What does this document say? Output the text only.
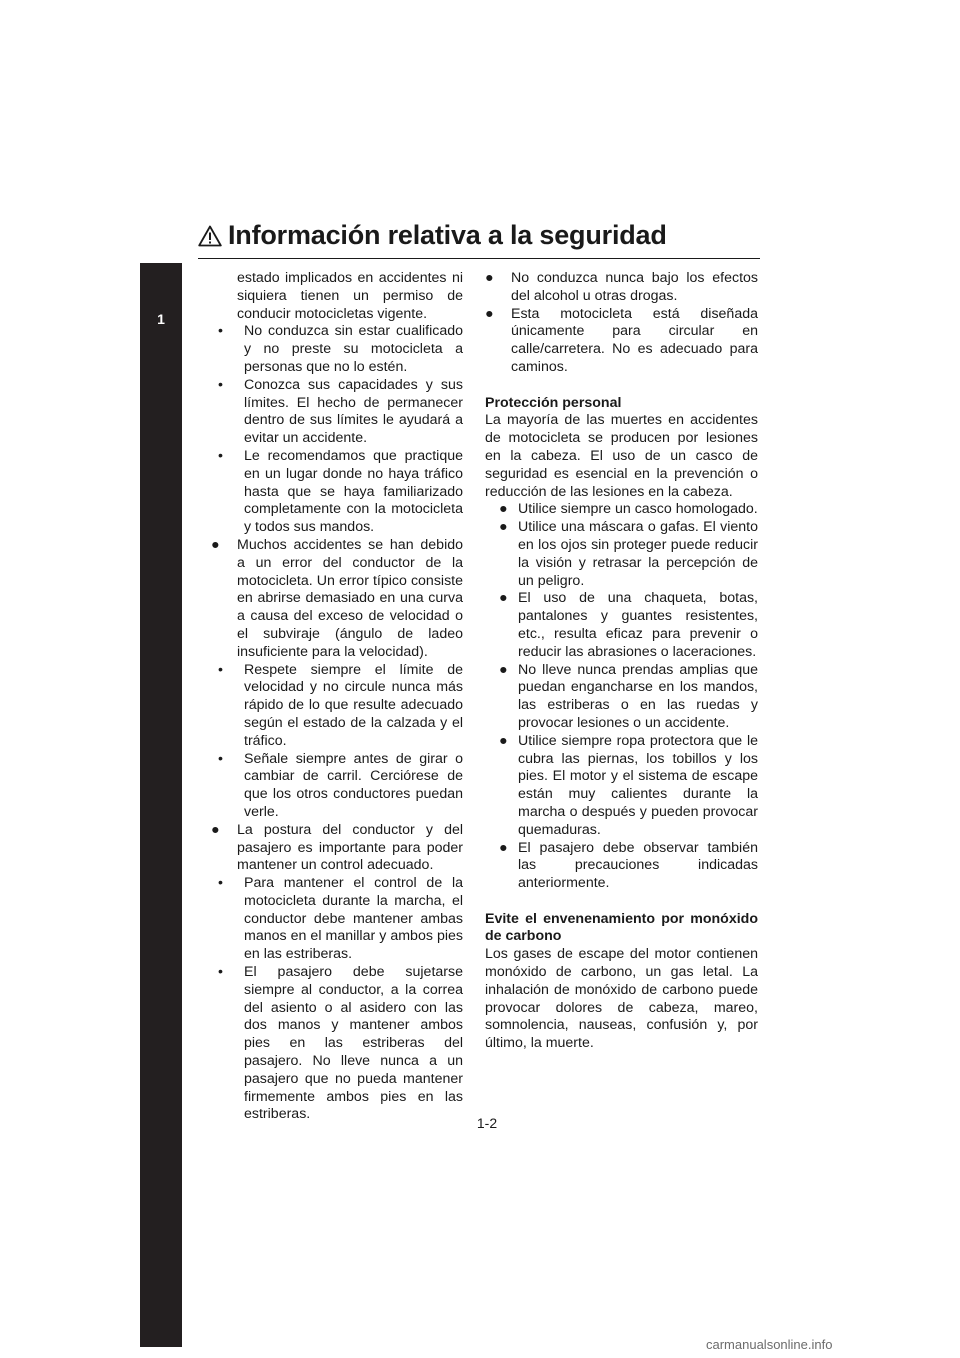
Información relativa a la seguridad
1

estado implicados en accidentes ni siquiera tienen un permiso de conducir motocicletas vigente.

• No conduzca sin estar cualificado y no preste su motocicleta a personas que no lo estén.
• Conozca sus capacidades y sus límites. El hecho de permanecer dentro de sus límites le ayudará a evitar un accidente.
• Le recomendamos que practique en un lugar donde no haya tráfico hasta que se haya familiarizado completamente con la motocicleta y todos sus mandos.
● Muchos accidentes se han debido a un error del conductor de la motocicleta. Un error típico consiste en abrirse demasiado en una curva a causa del exceso de velocidad o el subviraje (ángulo de ladeo insuficiente para la velocidad).
• Respete siempre el límite de velocidad y no circule nunca más rápido de lo que resulte adecuado según el estado de la calzada y el tráfico.
• Señale siempre antes de girar o cambiar de carril. Cerciórese de que los otros conductores puedan verle.
● La postura del conductor y del pasajero es importante para poder mantener un control adecuado.
• Para mantener el control de la motocicleta durante la marcha, el conductor debe mantener ambas manos en el manillar y ambos pies en las estriberas.
• El pasajero debe sujetarse siempre al conductor, a la correa del asiento o al asidero con las dos manos y mantener ambos pies en las estriberas del pasajero. No lleve nunca a un pasajero que no pueda mantener firmemente ambos pies en las estriberas.
● No conduzca nunca bajo los efectos del alcohol u otras drogas.
● Esta motocicleta está diseñada únicamente para circular en calle/carretera. No es adecuado para caminos.
Protección personal

La mayoría de las muertes en accidentes de motocicleta se producen por lesiones en la cabeza. El uso de un casco de seguridad es esencial en la prevención o reducción de las lesiones en la cabeza.

● Utilice siempre un casco homologado.
● Utilice una máscara o gafas. El viento en los ojos sin proteger puede reducir la visión y retrasar la percepción de un peligro.
● El uso de una chaqueta, botas, pantalones y guantes resistentes, etc., resulta eficaz para prevenir o reducir las abrasiones o laceraciones.
● No lleve nunca prendas amplias que puedan engancharse en los mandos, las estriberas o en las ruedas y provocar lesiones o un accidente.
● Utilice siempre ropa protectora que le cubra las piernas, los tobillos y los pies. El motor y el sistema de escape están muy calientes durante la marcha o después y pueden provocar quemaduras.
● El pasajero debe observar también las precauciones indicadas anteriormente.
Evite el envenenamiento por monóxido de carbono

Los gases de escape del motor contienen monóxido de carbono, un gas letal. La inhalación de monóxido de carbono puede provocar dolores de cabeza, mareo, somnolencia, nauseas, confusión y, por último, la muerte.

1-2
carmanualsonline.info
